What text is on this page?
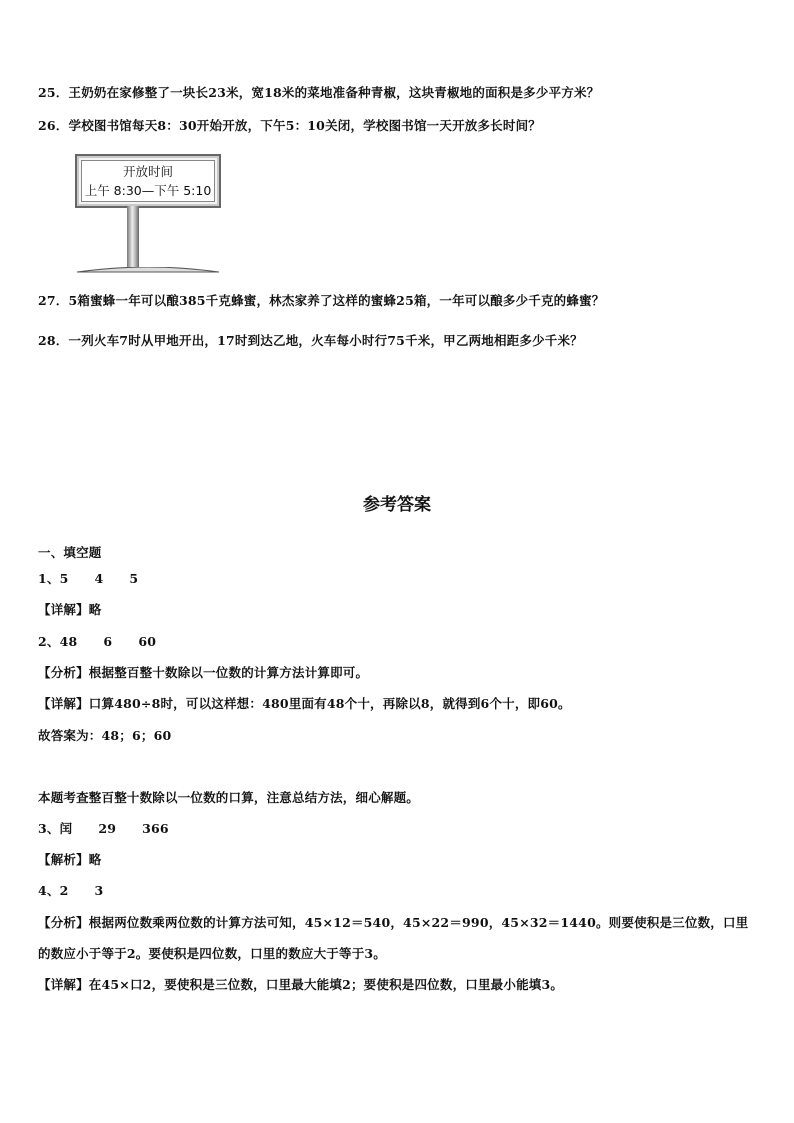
25．王奶奶在家修整了一块长23米，宽18米的菜地准备种青椒，这块青椒地的面积是多少平方米？
26．学校图书馆每天8：30开始开放，下午5：10关闭，学校图书馆一天开放多长时间？
开放时间
上午 8:30—下午 5:10
27．5箱蜜蜂一年可以酿385千克蜂蜜，林杰家养了这样的蜜蜂25箱，一年可以酿多少千克的蜂蜜？
28．一列火车7时从甲地开出，17时到达乙地，火车每小时行75千米，甲乙两地相距多少千米？
参考答案
一、填空题
1、5 4 5
【详解】略
2、48 6 60
【分析】根据整百整十数除以一位数的计算方法计算即可。
【详解】口算480÷8时，可以这样想：480里面有48个十，再除以8，就得到6个十，即60。
故答案为：48；6；60
本题考查整百整十数除以一位数的口算，注意总结方法，细心解题。
3、闰 29 366
【解析】略
4、2 3
【分析】根据两位数乘两位数的计算方法可知，45×12＝540，45×22＝990，45×32＝1440。则要使积是三位数，口里
的数应小于等于2。要使积是四位数，口里的数应大于等于3。
【详解】在45×口2，要使积是三位数，口里最大能填2；要使积是四位数，口里最小能填3。
